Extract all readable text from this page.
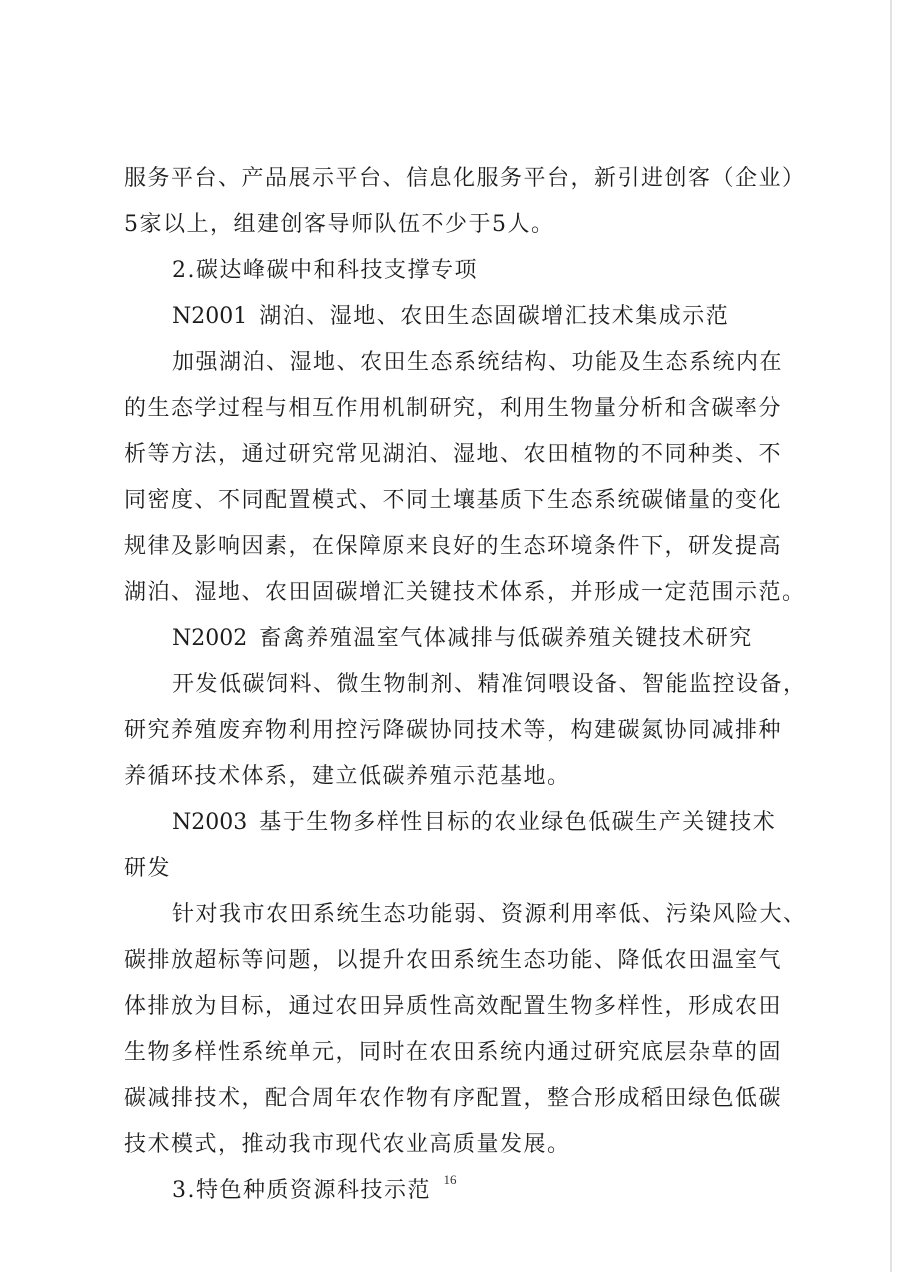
服务平台、产品展示平台、信息化服务平台，新引进创客（企业）
5家以上，组建创客导师队伍不少于5人。
2.碳达峰碳中和科技支撑专项
N2001 湖泊、湿地、农田生态固碳增汇技术集成示范
加强湖泊、湿地、农田生态系统结构、功能及生态系统内在
的生态学过程与相互作用机制研究，利用生物量分析和含碳率分
析等方法，通过研究常见湖泊、湿地、农田植物的不同种类、不
同密度、不同配置模式、不同土壤基质下生态系统碳储量的变化
规律及影响因素，在保障原来良好的生态环境条件下，研发提高
湖泊、湿地、农田固碳增汇关键技术体系，并形成一定范围示范。
N2002 畜禽养殖温室气体减排与低碳养殖关键技术研究
开发低碳饲料、微生物制剂、精准饲喂设备、智能监控设备，
研究养殖废弃物利用控污降碳协同技术等，构建碳氮协同减排种
养循环技术体系，建立低碳养殖示范基地。
N2003 基于生物多样性目标的农业绿色低碳生产关键技术
研发
针对我市农田系统生态功能弱、资源利用率低、污染风险大、
碳排放超标等问题，以提升农田系统生态功能、降低农田温室气
体排放为目标，通过农田异质性高效配置生物多样性，形成农田
生物多样性系统单元，同时在农田系统内通过研究底层杂草的固
碳减排技术，配合周年农作物有序配置，整合形成稻田绿色低碳
技术模式，推动我市现代农业高质量发展。
3.特色种质资源科技示范 16
